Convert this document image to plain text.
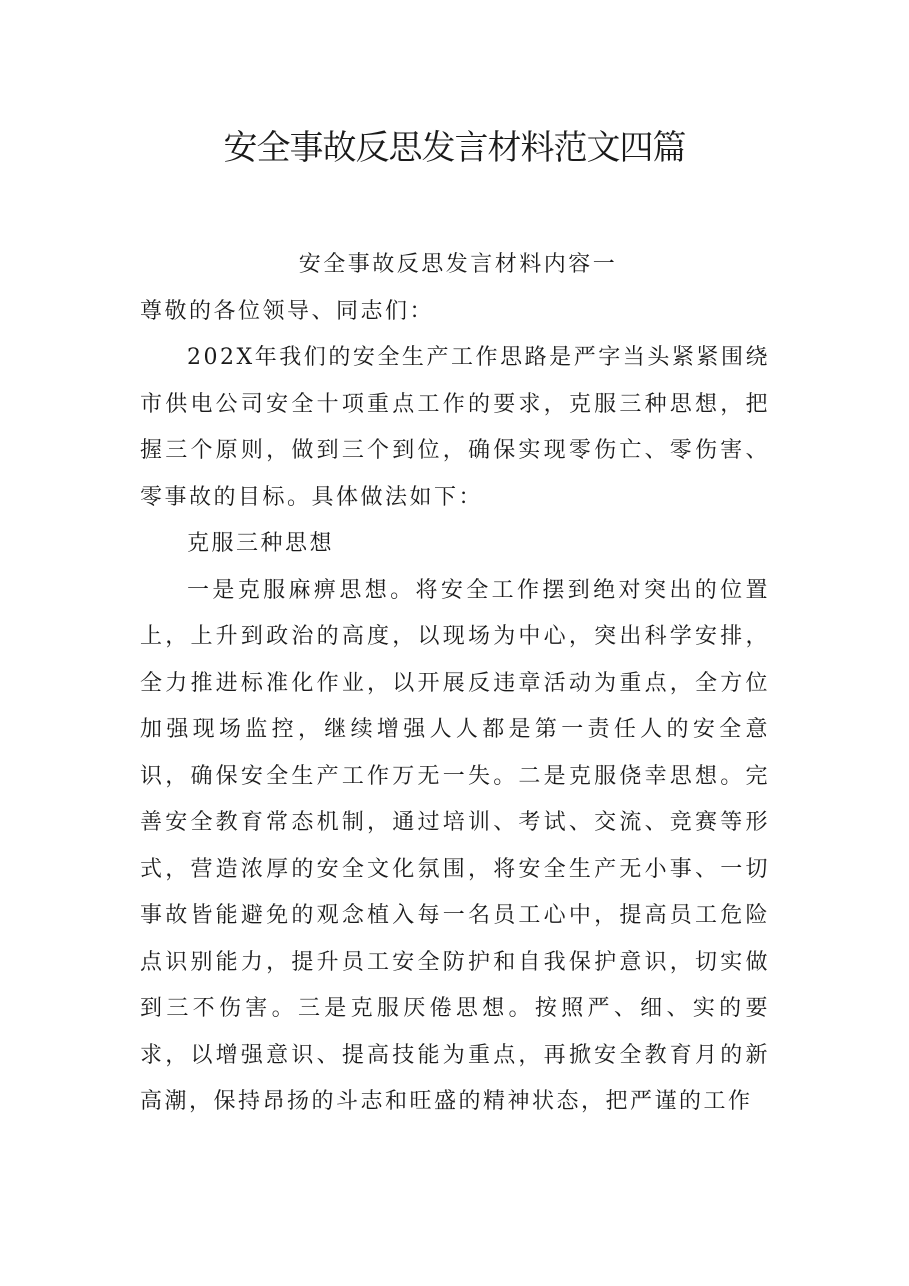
安全事故反思发言材料范文四篇

安全事故反思发言材料内容一

尊敬的各位领导、同志们：

202X年我们的安全生产工作思路是严字当头紧紧围绕市供电公司安全十项重点工作的要求，克服三种思想，把握三个原则，做到三个到位，确保实现零伤亡、零伤害、零事故的目标。具体做法如下：

克服三种思想

一是克服麻痹思想。将安全工作摆到绝对突出的位置上，上升到政治的高度，以现场为中心，突出科学安排，全力推进标准化作业，以开展反违章活动为重点，全方位加强现场监控，继续增强人人都是第一责任人的安全意识，确保安全生产工作万无一失。二是克服侥幸思想。完善安全教育常态机制，通过培训、考试、交流、竞赛等形式，营造浓厚的安全文化氛围，将安全生产无小事、一切事故皆能避免的观念植入每一名员工心中，提高员工危险点识别能力，提升员工安全防护和自我保护意识，切实做到三不伤害。三是克服厌倦思想。按照严、细、实的要求，以增强意识、提高技能为重点，再掀安全教育月的新高潮，保持昂扬的斗志和旺盛的精神状态，把严谨的工作
